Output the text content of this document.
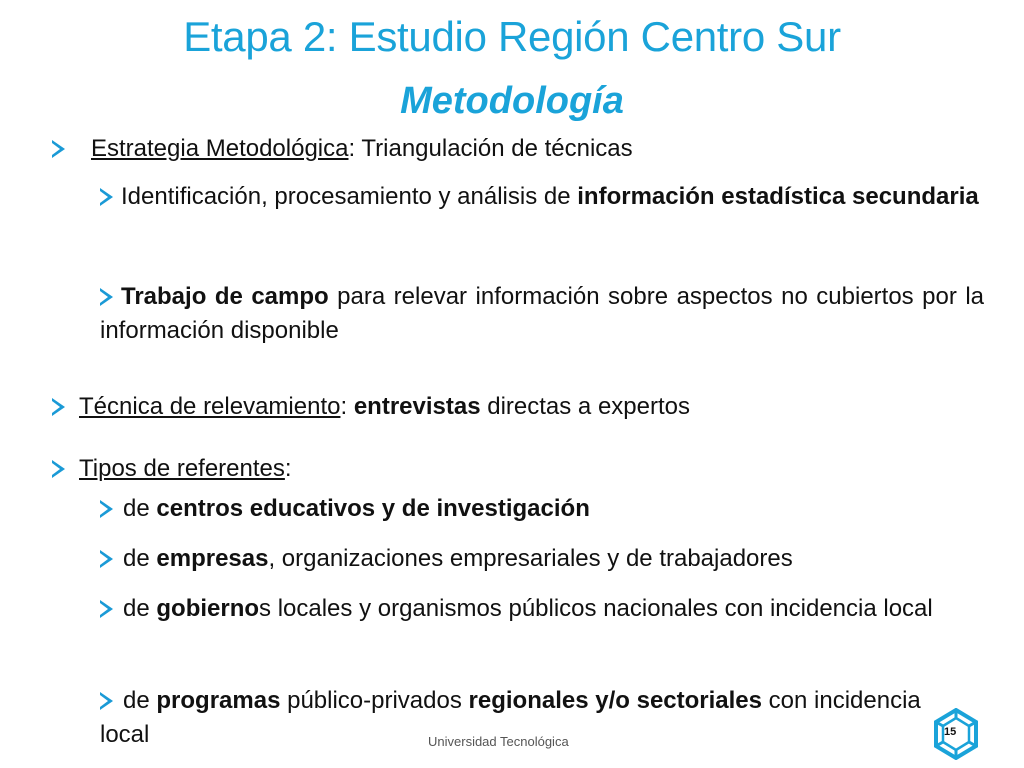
Etapa 2: Estudio Región Centro Sur
Metodología
Estrategia Metodológica: Triangulación de técnicas
Identificación, procesamiento y análisis de información estadística secundaria
Trabajo de campo para relevar información sobre aspectos no cubiertos por la información disponible
Técnica de relevamiento: entrevistas directas a expertos
Tipos de referentes:
de centros educativos y de investigación
de empresas, organizaciones empresariales y de trabajadores
de gobiernos locales y organismos públicos nacionales con incidencia local
de programas público-privados regionales y/o sectoriales con incidencia local	Universidad Tecnológica
15
